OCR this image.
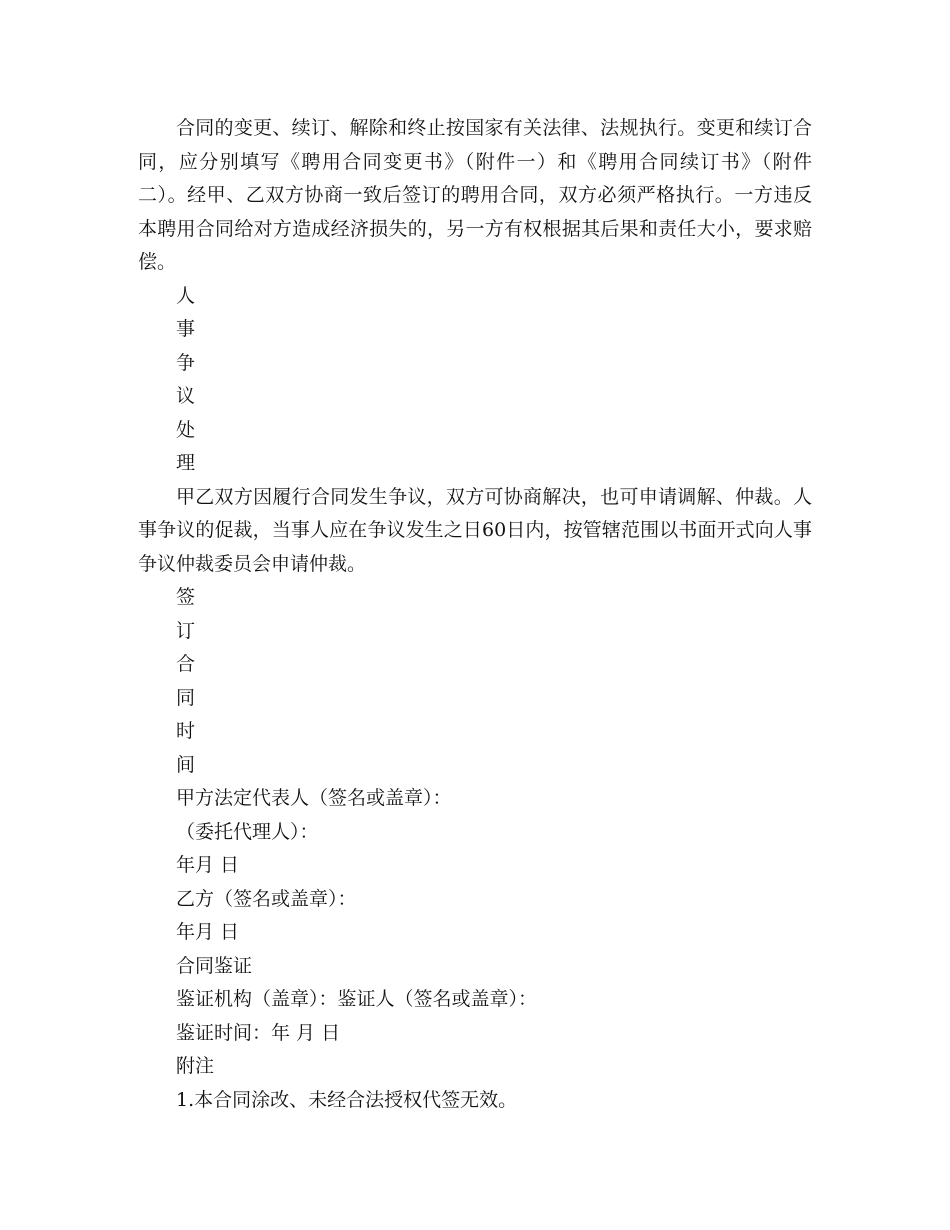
合同的变更、续订、解除和终止按国家有关法律、法规执行。变更和续订合同，应分别填写《聘用合同变更书》（附件一）和《聘用合同续订书》（附件二）。经甲、乙双方协商一致后签订的聘用合同，双方必须严格执行。一方违反本聘用合同给对方造成经济损失的，另一方有权根据其后果和责任大小，要求赔偿。

人

事

争

议

处

理

甲乙双方因履行合同发生争议，双方可协商解决，也可申请调解、仲裁。人事争议的促裁，当事人应在争议发生之日60日内，按管辖范围以书面开式向人事争议仲裁委员会申请仲裁。

签

订

合

同

时

间

甲方法定代表人（签名或盖章）：

（委托代理人）：

年月 日

乙方（签名或盖章）：

年月 日

合同鉴证

鉴证机构（盖章）：鉴证人（签名或盖章）：

鉴证时间：年 月 日

附注

1.本合同涂改、未经合法授权代签无效。
